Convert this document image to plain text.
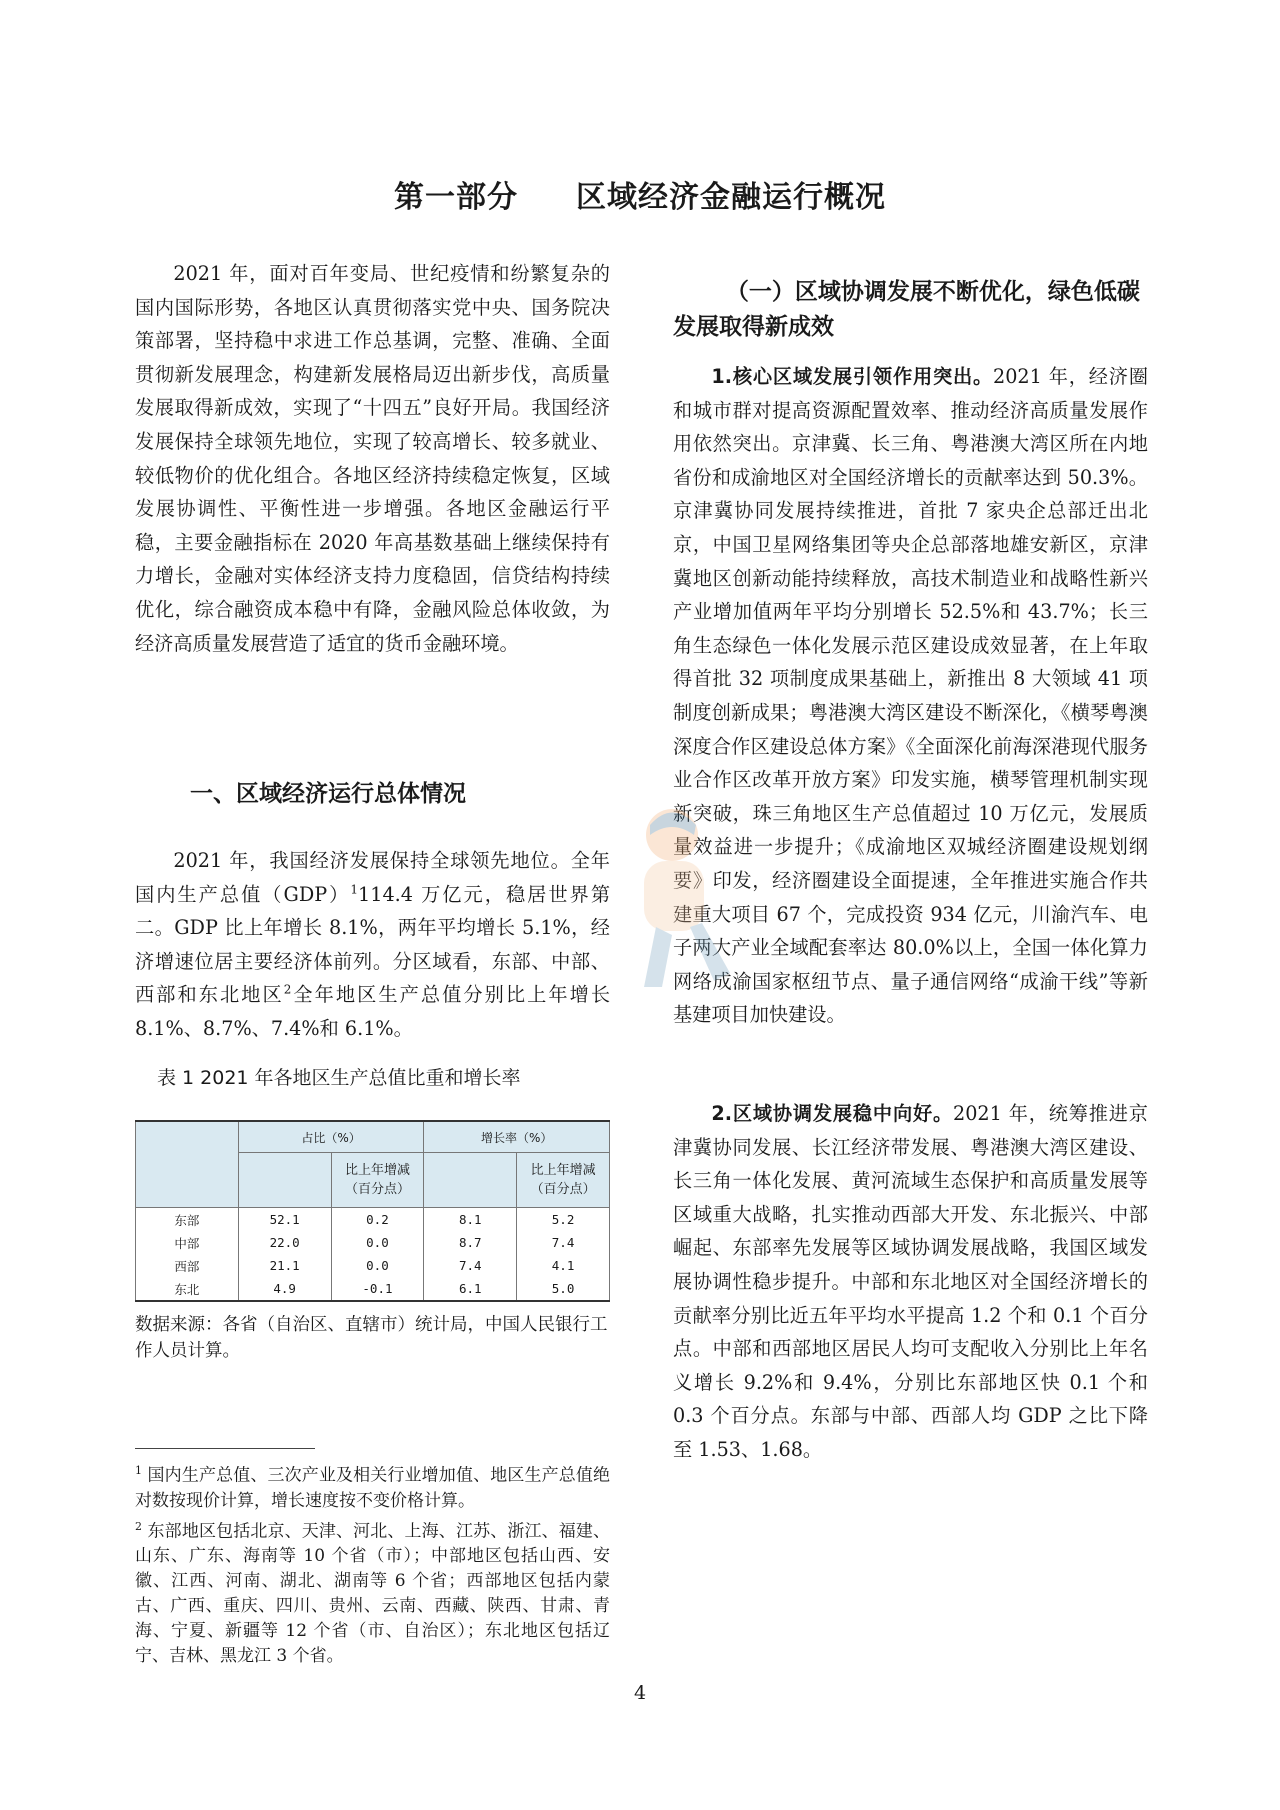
第一部分 区域经济金融运行概况

2021 年，面对百年变局、世纪疫情和纷繁复杂的国内国际形势，各地区认真贯彻落实党中央、国务院决策部署，坚持稳中求进工作总基调，完整、准确、全面贯彻新发展理念，构建新发展格局迈出新步伐，高质量发展取得新成效，实现了“十四五”良好开局。我国经济发展保持全球领先地位，实现了较高增长、较多就业、较低物价的优化组合。各地区经济持续稳定恢复，区域发展协调性、平衡性进一步增强。各地区金融运行平稳，主要金融指标在 2020 年高基数基础上继续保持有力增长，金融对实体经济支持力度稳固，信贷结构持续优化，综合融资成本稳中有降，金融风险总体收敛，为经济高质量发展营造了适宜的货币金融环境。

一、区域经济运行总体情况

2021 年，我国经济发展保持全球领先地位。全年国内生产总值（GDP）$^1$114.4 万亿元，稳居世界第二。GDP 比上年增长 8.1%，两年平均增长 5.1%，经济增速位居主要经济体前列。分区域看，东部、中部、西部和东北地区$^2$全年地区生产总值分别比上年增长 8.1%、8.7%、7.4%和 6.1%。

表 1 2021 年各地区生产总值比重和增长率

	占比（%）		增长率（%）	
		比上年增减
（百分点）		比上年增减
（百分点）
东部	52.1	0.2	8.1	5.2
中部	22.0	0.0	8.7	7.4
西部	21.1	0.0	7.4	4.1
东北	4.9	-0.1	6.1	5.0

数据来源：各省（自治区、直辖市）统计局，中国人民银行工作人员计算。

$^1$ 国内生产总值、三次产业及相关行业增加值、地区生产总值绝对数按现价计算，增长速度按不变价格计算。

$^2$ 东部地区包括北京、天津、河北、上海、江苏、浙江、福建、山东、广东、海南等 10 个省（市）；中部地区包括山西、安徽、江西、河南、湖北、湖南等 6 个省；西部地区包括内蒙古、广西、重庆、四川、贵州、云南、西藏、陕西、甘肃、青海、宁夏、新疆等 12 个省（市、自治区）；东北地区包括辽宁、吉林、黑龙江 3 个省。

（一）区域协调发展不断优化，绿色低碳发展取得新成效

1.核心区域发展引领作用突出。2021 年，经济圈和城市群对提高资源配置效率、推动经济高质量发展作用依然突出。京津冀、长三角、粤港澳大湾区所在内地省份和成渝地区对全国经济增长的贡献率达到 50.3%。京津冀协同发展持续推进，首批 7 家央企总部迁出北京，中国卫星网络集团等央企总部落地雄安新区，京津冀地区创新动能持续释放，高技术制造业和战略性新兴产业增加值两年平均分别增长 52.5%和 43.7%；长三角生态绿色一体化发展示范区建设成效显著，在上年取得首批 32 项制度成果基础上，新推出 8 大领域 41 项制度创新成果；粤港澳大湾区建设不断深化，《横琴粤澳深度合作区建设总体方案》《全面深化前海深港现代服务业合作区改革开放方案》印发实施，横琴管理机制实现新突破，珠三角地区生产总值超过 10 万亿元，发展质量效益进一步提升；《成渝地区双城经济圈建设规划纲要》印发，经济圈建设全面提速，全年推进实施合作共建重大项目 67 个，完成投资 934 亿元，川渝汽车、电子两大产业全域配套率达 80.0%以上，全国一体化算力网络成渝国家枢纽节点、量子通信网络“成渝干线”等新基建项目加快建设。

2.区域协调发展稳中向好。2021 年，统筹推进京津冀协同发展、长江经济带发展、粤港澳大湾区建设、长三角一体化发展、黄河流域生态保护和高质量发展等区域重大战略，扎实推动西部大开发、东北振兴、中部崛起、东部率先发展等区域协调发展战略，我国区域发展协调性稳步提升。中部和东北地区对全国经济增长的贡献率分别比近五年平均水平提高 1.2 个和 0.1 个百分点。中部和西部地区居民人均可支配收入分别比上年名义增长 9.2%和 9.4%，分别比东部地区快 0.1 个和 0.3 个百分点。东部与中部、西部人均 GDP 之比下降至 1.53、1.68。

4
